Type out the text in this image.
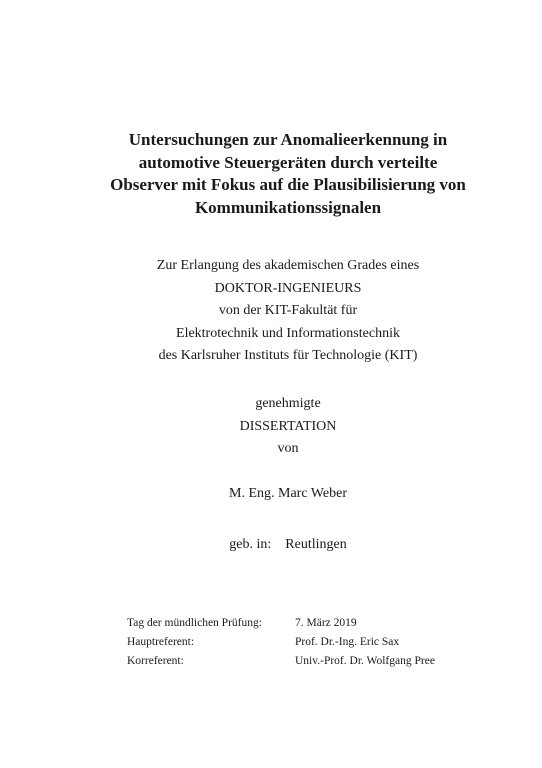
Untersuchungen zur Anomalieerkennung in
automotive Steuergeräten durch verteilte
Observer mit Fokus auf die Plausibilisierung von
Kommunikationssignalen
Zur Erlangung des akademischen Grades eines
DOKTOR-INGENIEURS
von der KIT-Fakultät für
Elektrotechnik und Informationstechnik
des Karlsruher Instituts für Technologie (KIT)
genehmigte
DISSERTATION
von
M. Eng. Marc Weber
geb. in: Reutlingen
Tag der mündlichen Prüfung:	7. März 2019
Hauptreferent:	Prof. Dr.-Ing. Eric Sax
Korreferent:	Univ.-Prof. Dr. Wolfgang Pree
